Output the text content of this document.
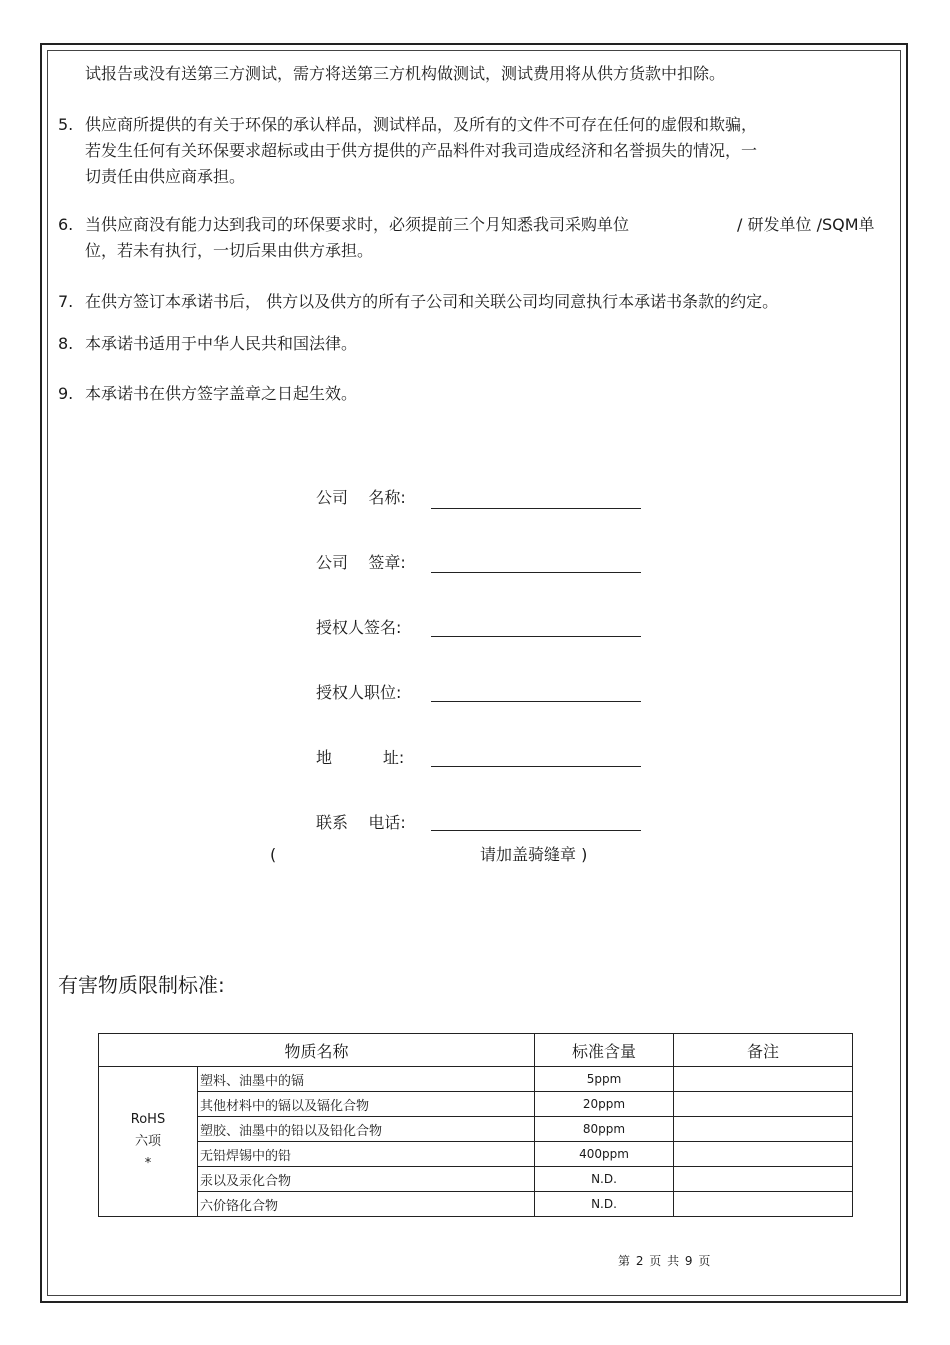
试报告或没有送第三方测试，需方将送第三方机构做测试，测试费用将从供方货款中扣除。
5. 供应商所提供的有关于环保的承认样品，测试样品，及所有的文件不可存在任何的虚假和欺骗，
若发生任何有关环保要求超标或由于供方提供的产品料件对我司造成经济和名誉损失的情况，一
切责任由供应商承担。
6. 当供应商没有能力达到我司的环保要求时，必须提前三个月知悉我司采购单位	/ 研发单位 /SQM单
位，若未有执行，一切后果由供方承担。
7. 在供方签订本承诺书后， 供方以及供方的所有子公司和关联公司均同意执行本承诺书条款的约定。
8. 本承诺书适用于中华人民共和国法律。
9. 本承诺书在供方签字盖章之日起生效。
公司    名称:
公司    签章:
授权人签名:
授权人职位:
地          址:
联系    电话:
(	请加盖骑缝章 )
有害物质限制标准:
物质名称		标准含量	备注

RoHS
六项
*	塑料、油墨中的镉	5ppm	
	其他材料中的镉以及镉化合物	20ppm	
	塑胶、油墨中的铅以及铅化合物	80ppm	
	无铅焊锡中的铅	400ppm	
	汞以及汞化合物	N.D.	
	六价铬化合物	N.D.	
第 2 页 共 9 页
